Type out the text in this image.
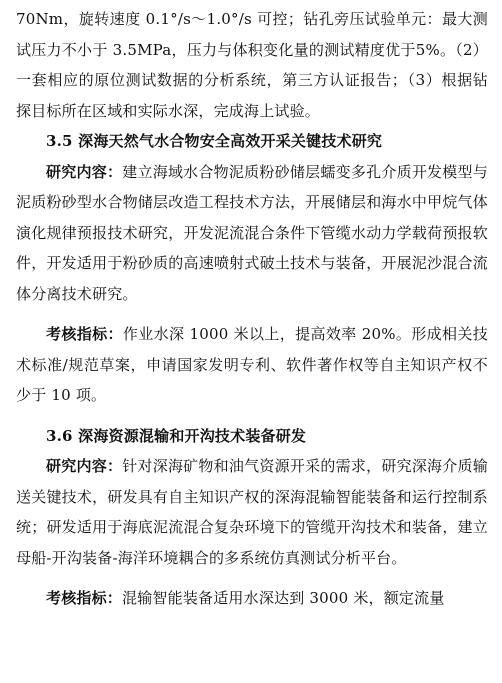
70Nm，旋转速度 0.1°/s～1.0°/s 可控；钻孔旁压试验单元：最大测试压力不小于 3.5MPa，压力与体积变化量的测试精度优于5%。（2）一套相应的原位测试数据的分析系统，第三方认证报告；（3）根据钻探目标所在区域和实际水深，完成海上试验。

3.5 深海天然气水合物安全高效开采关键技术研究

研究内容：建立海域水合物泥质粉砂储层蠕变多孔介质开发模型与泥质粉砂型水合物储层改造工程技术方法，开展储层和海水中甲烷气体演化规律预报技术研究，开发泥流混合条件下管缆水动力学载荷预报软件，开发适用于粉砂质的高速喷射式破土技术与装备，开展泥沙混合流体分离技术研究。

考核指标：作业水深 1000 米以上，提高效率 20%。形成相关技术标准/规范草案，申请国家发明专利、软件著作权等自主知识产权不少于 10 项。

3.6 深海资源混输和开沟技术装备研发

研究内容：针对深海矿物和油气资源开采的需求，研究深海介质输送关键技术，研发具有自主知识产权的深海混输智能装备和运行控制系统；研发适用于海底泥流混合复杂环境下的管缆开沟技术和装备，建立母船-开沟装备-海洋环境耦合的多系统仿真测试分析平台。

考核指标：混输智能装备适用水深达到 3000 米，额定流量
